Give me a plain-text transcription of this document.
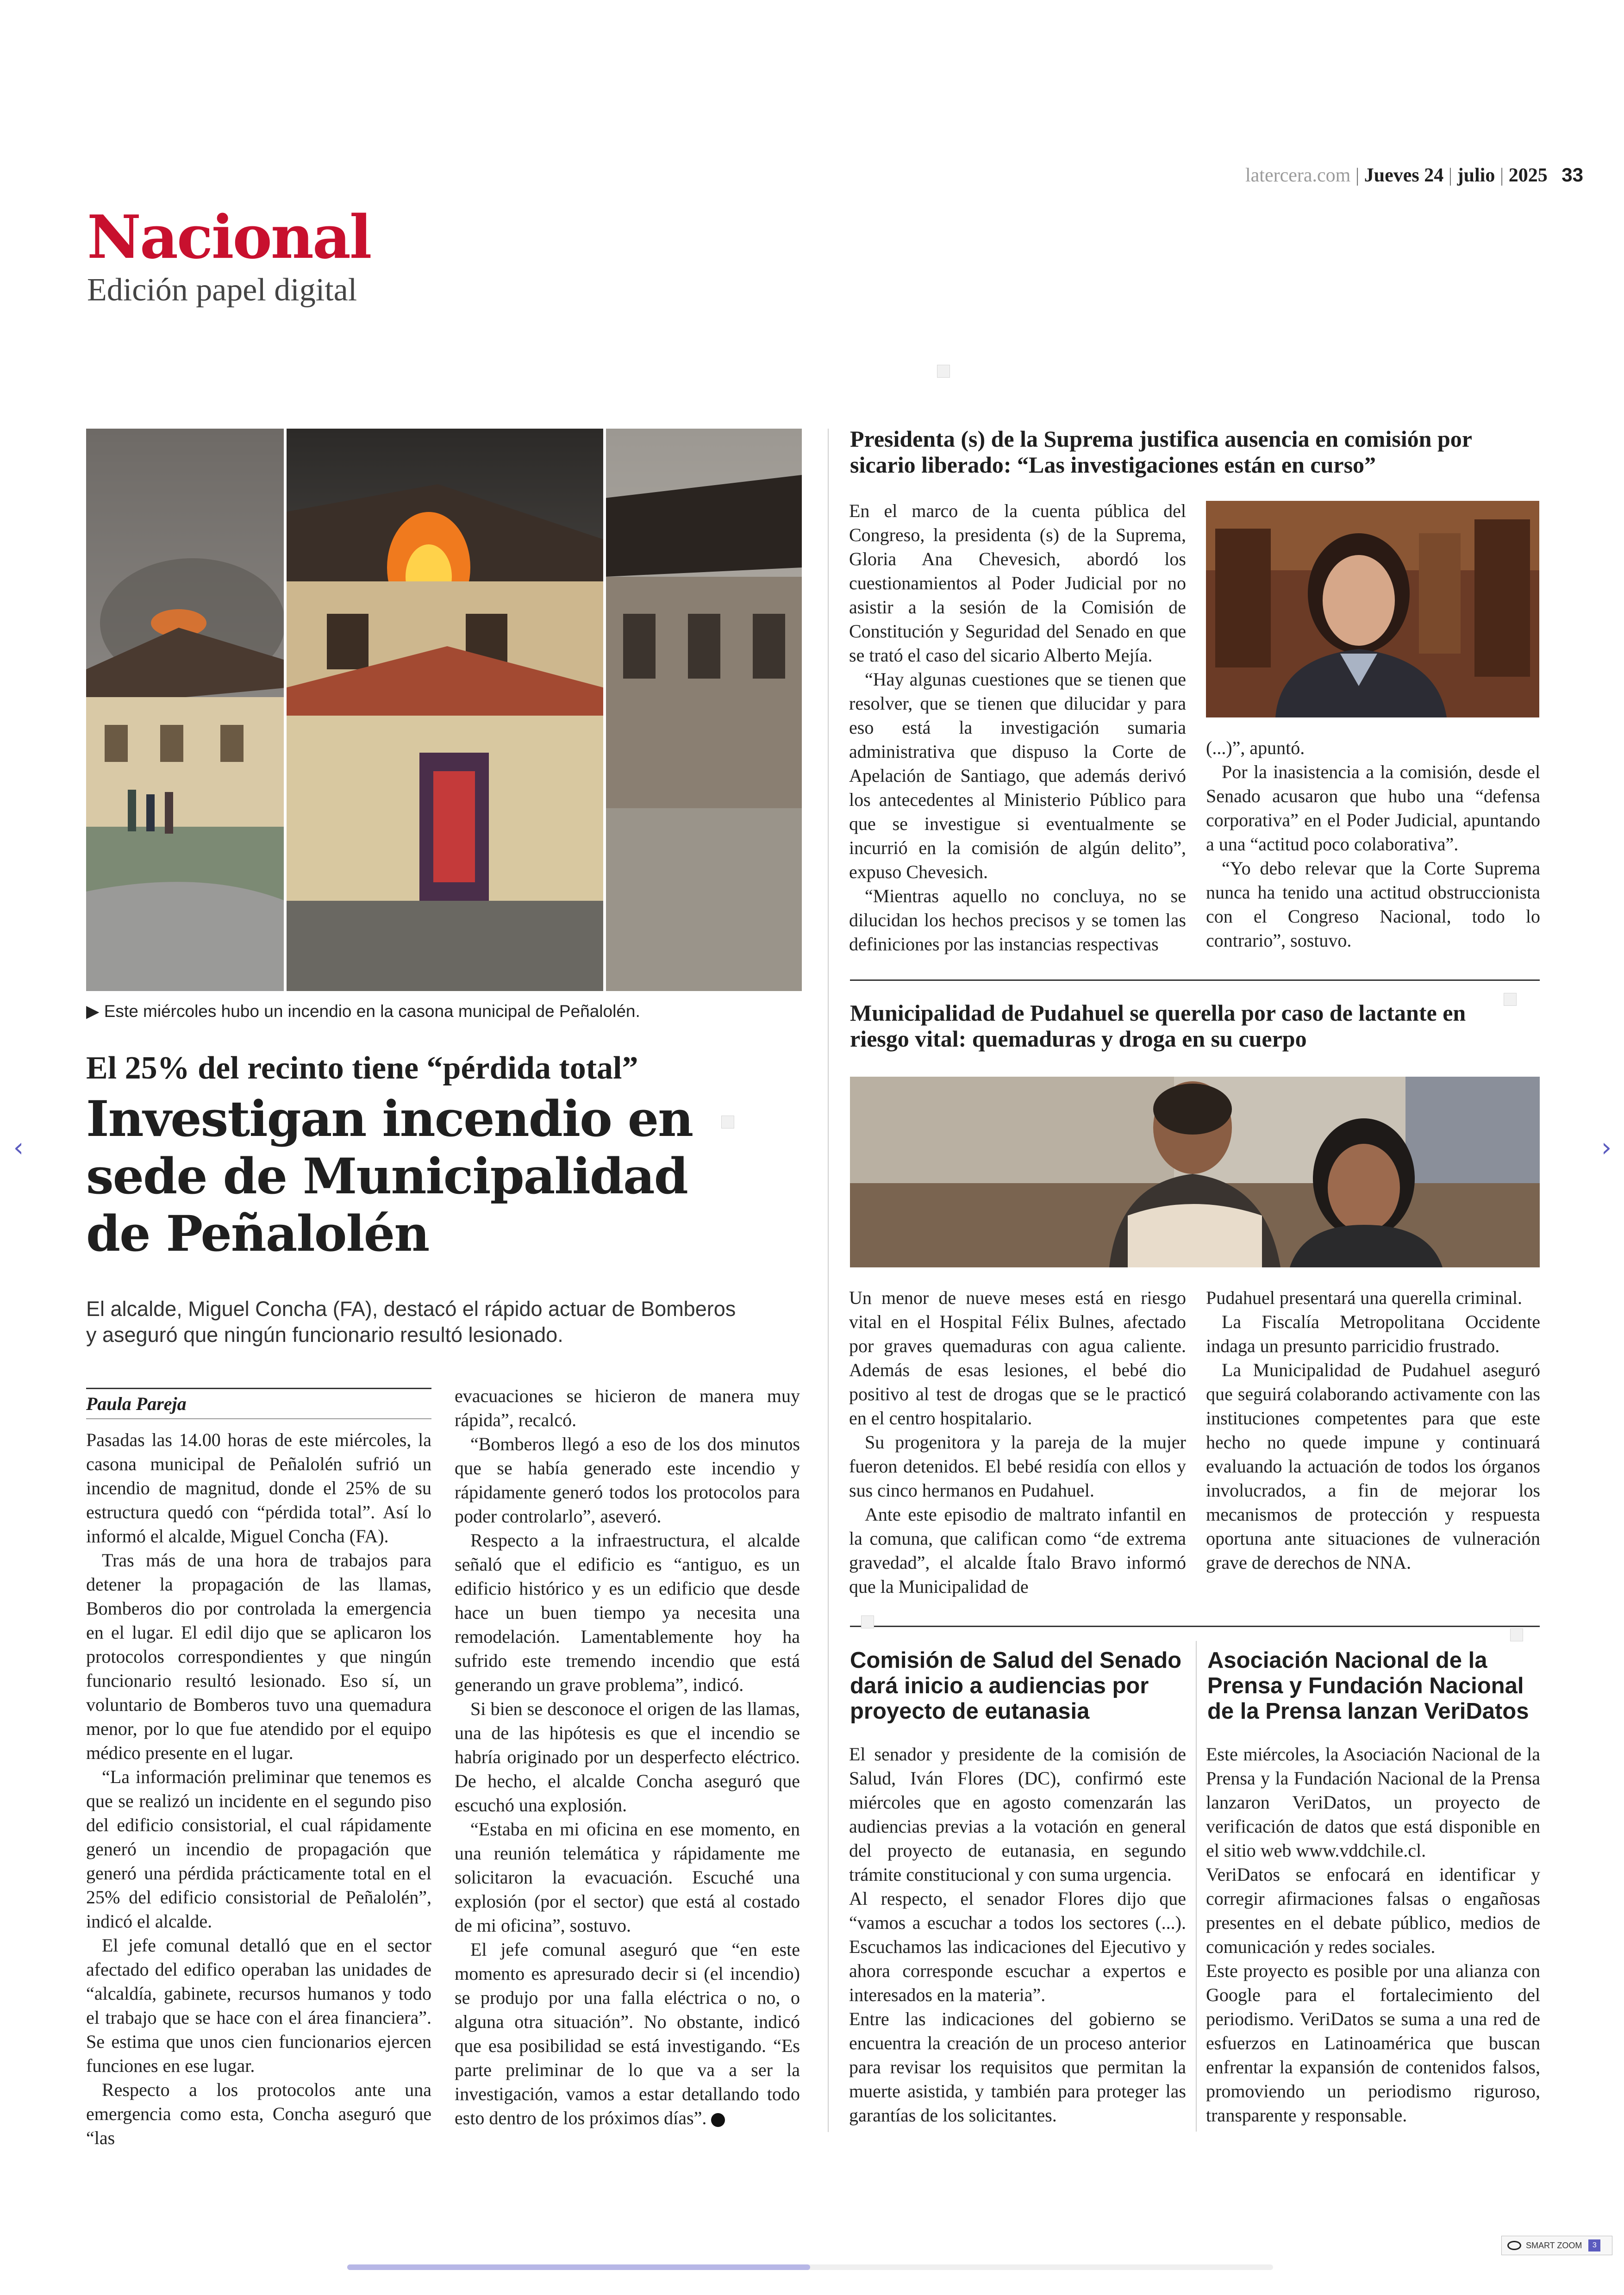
latercera.com | Jueves 24 | julio | 2025 33
Nacional
Edición papel digital
▶ Este miércoles hubo un incendio en la casona municipal de Peñalolén.
El 25% del recinto tiene “pérdida total”
Investigan incendio en
sede de Municipalidad
de Peñalolén
El alcalde, Miguel Concha (FA), destacó el rápido actuar de Bomberos y aseguró que ningún funcionario resultó lesionado.
Paula Pareja

Pasadas las 14.00 horas de este miércoles, la casona municipal de Peñalolén sufrió un incendio de magnitud, donde el 25% de su estructura quedó con “pérdida total”. Así lo informó el alcalde, Miguel Concha (FA).

Tras más de una hora de trabajos para detener la propagación de las llamas, Bomberos dio por controlada la emergencia en el lugar. El edil dijo que se aplicaron los protocolos correspondientes y que ningún funcionario resultó lesionado. Eso sí, un voluntario de Bomberos tuvo una quemadura menor, por lo que fue atendido por el equipo médico presente en el lugar.

“La información preliminar que tenemos es que se realizó un incidente en el segundo piso del edificio consistorial, el cual rápidamente generó un incendio de propagación que generó una pérdida prácticamente total en el 25% del edificio consistorial de Peñalolén”, indicó el alcalde.

El jefe comunal detalló que en el sector afectado del edifico operaban las unidades de “alcaldía, gabinete, recursos humanos y todo el trabajo que se hace con el área financiera”. Se estima que unos cien funcionarios ejercen funciones en ese lugar.

Respecto a los protocolos ante una emergencia como esta, Concha aseguró que “las

evacuaciones se hicieron de manera muy rápida”, recalcó.

“Bomberos llegó a eso de los dos minutos que se había generado este incendio y rápidamente generó todos los protocolos para poder controlarlo”, aseveró.

Respecto a la infraestructura, el alcalde señaló que el edificio es “antiguo, es un edificio histórico y es un edificio que desde hace un buen tiempo ya necesita una remodelación. Lamentablemente hoy ha sufrido este tremendo incendio que está generando un grave problema”, indicó.

Si bien se desconoce el origen de las llamas, una de las hipótesis es que el incendio se habría originado por un desperfecto eléctrico. De hecho, el alcalde Concha aseguró que escuchó una explosión.

“Estaba en mi oficina en ese momento, en una reunión telemática y rápidamente me solicitaron la evacuación. Escuché una explosión (por el sector) que está al costado de mi oficina”, sostuvo.

El jefe comunal aseguró que “en este momento es apresurado decir si (el incendio) se produjo por una falla eléctrica o no, o alguna otra situación”. No obstante, indicó que esa posibilidad se está investigando. “Es parte preliminar de lo que va a ser la investigación, vamos a estar detallando todo esto dentro de los próximos días”.

Presidenta (s) de la Suprema justifica ausencia en comisión por sicario liberado: “Las investigaciones están en curso”

En el marco de la cuenta pública del Congreso, la presidenta (s) de la Suprema, Gloria Ana Chevesich, abordó los cuestionamientos al Poder Judicial por no asistir a la sesión de la Comisión de Constitución y Seguridad del Senado en que se trató el caso del sicario Alberto Mejía.

“Hay algunas cuestiones que se tienen que resolver, que se tienen que dilucidar y para eso está la investigación sumaria administrativa que dispuso la Corte de Apelación de Santiago, que además derivó los antecedentes al Ministerio Público para que se investigue si eventualmente se incurrió en la comisión de algún delito”, expuso Chevesich.

“Mientras aquello no concluya, no se dilucidan los hechos precisos y se tomen las definiciones por las instancias respectivas

(...)”, apuntó.

Por la inasistencia a la comisión, desde el Senado acusaron que hubo una “defensa corporativa” en el Poder Judicial, apuntando a una “actitud poco colaborativa”.

“Yo debo relevar que la Corte Suprema nunca ha tenido una actitud obstruccionista con el Congreso Nacional, todo lo contrario”, sostuvo.

Municipalidad de Pudahuel se querella por caso de lactante en riesgo vital: quemaduras y droga en su cuerpo

Un menor de nueve meses está en riesgo vital en el Hospital Félix Bulnes, afectado por graves quemaduras con agua caliente. Además de esas lesiones, el bebé dio positivo al test de drogas que se le practicó en el centro hospitalario.

Su progenitora y la pareja de la mujer fueron detenidos. El bebé residía con ellos y sus cinco hermanos en Pudahuel.

Ante este episodio de maltrato infantil en la comuna, que califican como “de extrema gravedad”, el alcalde Ítalo Bravo informó que la Municipalidad de

Pudahuel presentará una querella criminal.

La Fiscalía Metropolitana Occidente indaga un presunto parricidio frustrado.

La Municipalidad de Pudahuel aseguró que seguirá colaborando activamente con las instituciones competentes para que este hecho no quede impune y continuará evaluando la actuación de todos los órganos involucrados, a fin de mejorar los mecanismos de protección y respuesta oportuna ante situaciones de vulneración grave de derechos de NNA.

Comisión de Salud del Senado dará inicio a audiencias por proyecto de eutanasia

El senador y presidente de la comisión de Salud, Iván Flores (DC), confirmó este miércoles que en agosto comenzarán las audiencias previas a la votación en general del proyecto de eutanasia, en segundo trámite constitucional y con suma urgencia.

Al respecto, el senador Flores dijo que “vamos a escuchar a todos los sectores (...). Escuchamos las indicaciones del Ejecutivo y ahora corresponde escuchar a expertos e interesados en la materia”.

Entre las indicaciones del gobierno se encuentra la creación de un proceso anterior para revisar los requisitos que permitan la muerte asistida, y también para proteger las garantías de los solicitantes.

Asociación Nacional de la Prensa y Fundación Nacional de la Prensa lanzan VeriDatos

Este miércoles, la Asociación Nacional de la Prensa y la Fundación Nacional de la Prensa lanzaron VeriDatos, un proyecto de verificación de datos que está disponible en el sitio web www.vddchile.cl.

VeriDatos se enfocará en identificar y corregir afirmaciones falsas o engañosas presentes en el debate público, medios de comunicación y redes sociales.

Este proyecto es posible por una alianza con Google para el fortalecimiento del periodismo. VeriDatos se suma a una red de esfuerzos en Latinoamérica que buscan enfrentar la expansión de contenidos falsos, promoviendo un periodismo riguroso, transparente y responsable.

‹	›
SMART ZOOM	3
